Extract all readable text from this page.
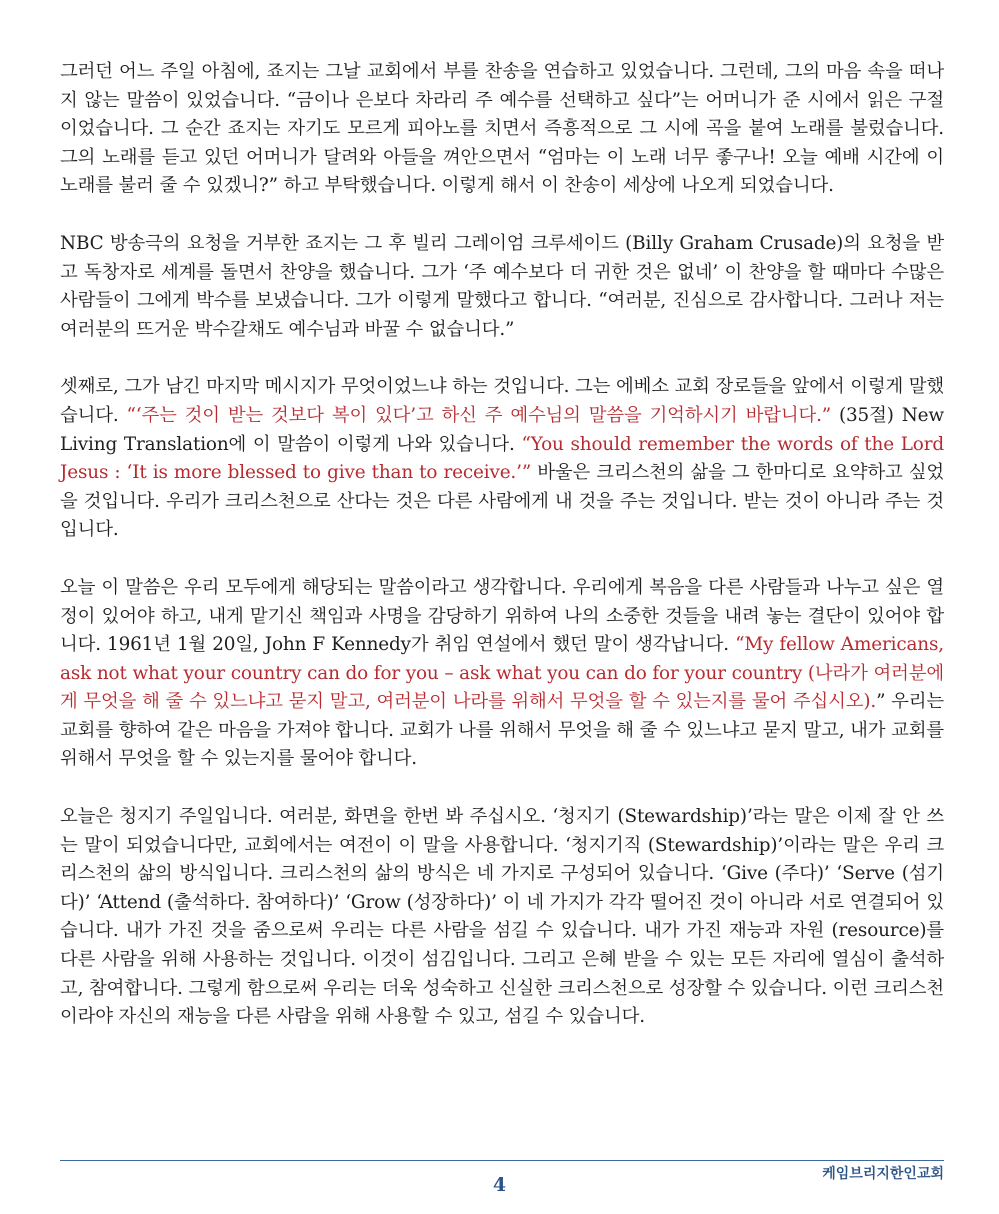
그러던 어느 주일 아침에, 죠지는 그날 교회에서 부를 찬송을 연습하고 있었습니다. 그런데, 그의 마음 속을 떠나지 않는 말씀이 있었습니다. “금이나 은보다 차라리 주 예수를 선택하고 싶다”는 어머니가 준 시에서 읽은 구절이었습니다. 그 순간 죠지는 자기도 모르게 피아노를 치면서 즉흥적으로 그 시에 곡을 붙여 노래를 불렀습니다. 그의 노래를 듣고 있던 어머니가 달려와 아들을 껴안으면서 “엄마는 이 노래 너무 좋구나! 오늘 예배 시간에 이 노래를 불러 줄 수 있겠니?” 하고 부탁했습니다. 이렇게 해서 이 찬송이 세상에 나오게 되었습니다.

NBC 방송극의 요청을 거부한 죠지는 그 후 빌리 그레이엄 크루세이드 (Billy Graham Crusade)의 요청을 받고 독창자로 세계를 돌면서 찬양을 했습니다. 그가 ‘주 예수보다 더 귀한 것은 없네’ 이 찬양을 할 때마다 수많은 사람들이 그에게 박수를 보냈습니다. 그가 이렇게 말했다고 합니다. “여러분, 진심으로 감사합니다. 그러나 저는 여러분의 뜨거운 박수갈채도 예수님과 바꿀 수 없습니다.”

셋째로, 그가 남긴 마지막 메시지가 무엇이었느냐 하는 것입니다. 그는 에베소 교회 장로들을 앞에서 이렇게 말했습니다. “‘주는 것이 받는 것보다 복이 있다’고 하신 주 예수님의 말씀을 기억하시기 바랍니다.” (35절) New Living Translation에 이 말씀이 이렇게 나와 있습니다. “You should remember the words of the Lord Jesus : ‘It is more blessed to give than to receive.’” 바울은 크리스천의 삶을 그 한마디로 요약하고 싶었을 것입니다. 우리가 크리스천으로 산다는 것은 다른 사람에게 내 것을 주는 것입니다. 받는 것이 아니라 주는 것입니다.

오늘 이 말씀은 우리 모두에게 해당되는 말씀이라고 생각합니다. 우리에게 복음을 다른 사람들과 나누고 싶은 열정이 있어야 하고, 내게 맡기신 책임과 사명을 감당하기 위하여 나의 소중한 것들을 내려 놓는 결단이 있어야 합니다. 1961년 1월 20일, John F Kennedy가 취임 연설에서 했던 말이 생각납니다. “My fellow Americans, ask not what your country can do for you – ask what you can do for your country (나라가 여러분에게 무엇을 해 줄 수 있느냐고 묻지 말고, 여러분이 나라를 위해서 무엇을 할 수 있는지를 물어 주십시오).” 우리는 교회를 향하여 같은 마음을 가져야 합니다. 교회가 나를 위해서 무엇을 해 줄 수 있느냐고 묻지 말고, 내가 교회를 위해서 무엇을 할 수 있는지를 물어야 합니다.

오늘은 청지기 주일입니다. 여러분, 화면을 한번 봐 주십시오. ‘청지기 (Stewardship)’라는 말은 이제 잘 안 쓰는 말이 되었습니다만, 교회에서는 여전이 이 말을 사용합니다. ‘청지기직 (Stewardship)’이라는 말은 우리 크리스천의 삶의 방식입니다. 크리스천의 삶의 방식은 네 가지로 구성되어 있습니다. ‘Give (주다)’ ‘Serve (섬기다)’ ‘Attend (출석하다. 참여하다)’ ‘Grow (성장하다)’ 이 네 가지가 각각 떨어진 것이 아니라 서로 연결되어 있습니다. 내가 가진 것을 줌으로써 우리는 다른 사람을 섬길 수 있습니다. 내가 가진 재능과 자원 (resource)를 다른 사람을 위해 사용하는 것입니다. 이것이 섬김입니다. 그리고 은혜 받을 수 있는 모든 자리에 열심이 출석하고, 참여합니다. 그렇게 함으로써 우리는 더욱 성숙하고 신실한 크리스천으로 성장할 수 있습니다. 이런 크리스천이라야 자신의 재능을 다른 사람을 위해 사용할 수 있고, 섬길 수 있습니다.

4	케임브리지한인교회
